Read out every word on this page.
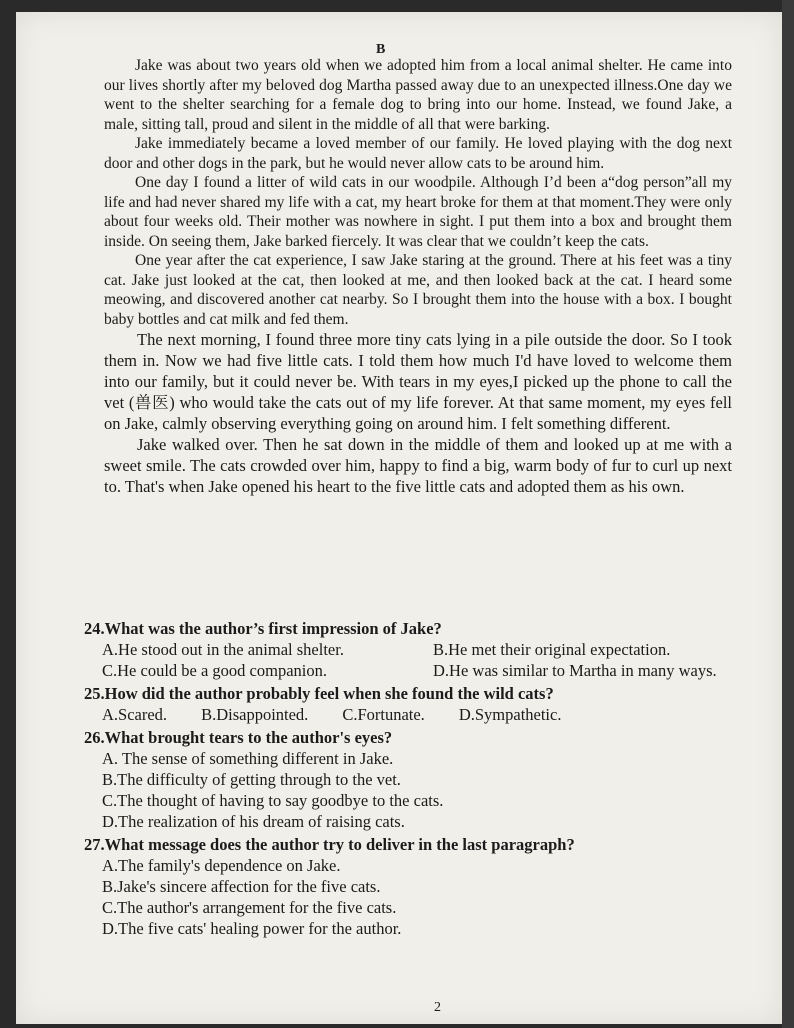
B

Jake was about two years old when we adopted him from a local animal shelter. He came into our lives shortly after my beloved dog Martha passed away due to an unexpected illness.One day we went to the shelter searching for a female dog to bring into our home. Instead, we found Jake, a male, sitting tall, proud and silent in the middle of all that were barking.

Jake immediately became a loved member of our family. He loved playing with the dog next door and other dogs in the park, but he would never allow cats to be around him.

One day I found a litter of wild cats in our woodpile. Although I’d been a“dog person”all my life and had never shared my life with a cat, my heart broke for them at that moment.They were only about four weeks old. Their mother was nowhere in sight. I put them into a box and brought them inside. On seeing them, Jake barked fiercely. It was clear that we couldn’t keep the cats.

One year after the cat experience, I saw Jake staring at the ground. There at his feet was a tiny cat. Jake just looked at the cat, then looked at me, and then looked back at the cat. I heard some meowing, and discovered another cat nearby. So I brought them into the house with a box. I bought baby bottles and cat milk and fed them.

The next morning, I found three more tiny cats lying in a pile outside the door. So I took them in. Now we had five little cats. I told them how much I'd have loved to welcome them into our family, but it could never be. With tears in my eyes,I picked up the phone to call the vet (兽医) who would take the cats out of my life forever. At that same moment, my eyes fell on Jake, calmly observing everything going on around him. I felt something different.

Jake walked over. Then he sat down in the middle of them and looked up at me with a sweet smile. The cats crowded over him, happy to find a big, warm body of fur to curl up next to. That's when Jake opened his heart to the five little cats and adopted them as his own.

24.What was the author’s first impression of Jake?
A.He stood out in the animal shelter.	B.He met their original expectation.
C.He could be a good companion.	D.He was similar to Martha in many ways.
25.How did the author probably feel when she found the wild cats?
A.Scared. B.Disappointed. C.Fortunate. D.Sympathetic.
26.What brought tears to the author's eyes?
A. The sense of something different in Jake.
B.The difficulty of getting through to the vet.
C.The thought of having to say goodbye to the cats.
D.The realization of his dream of raising cats.
27.What message does the author try to deliver in the last paragraph?
A.The family's dependence on Jake.
B.Jake's sincere affection for the five cats.
C.The author's arrangement for the five cats.
D.The five cats' healing power for the author.
2
